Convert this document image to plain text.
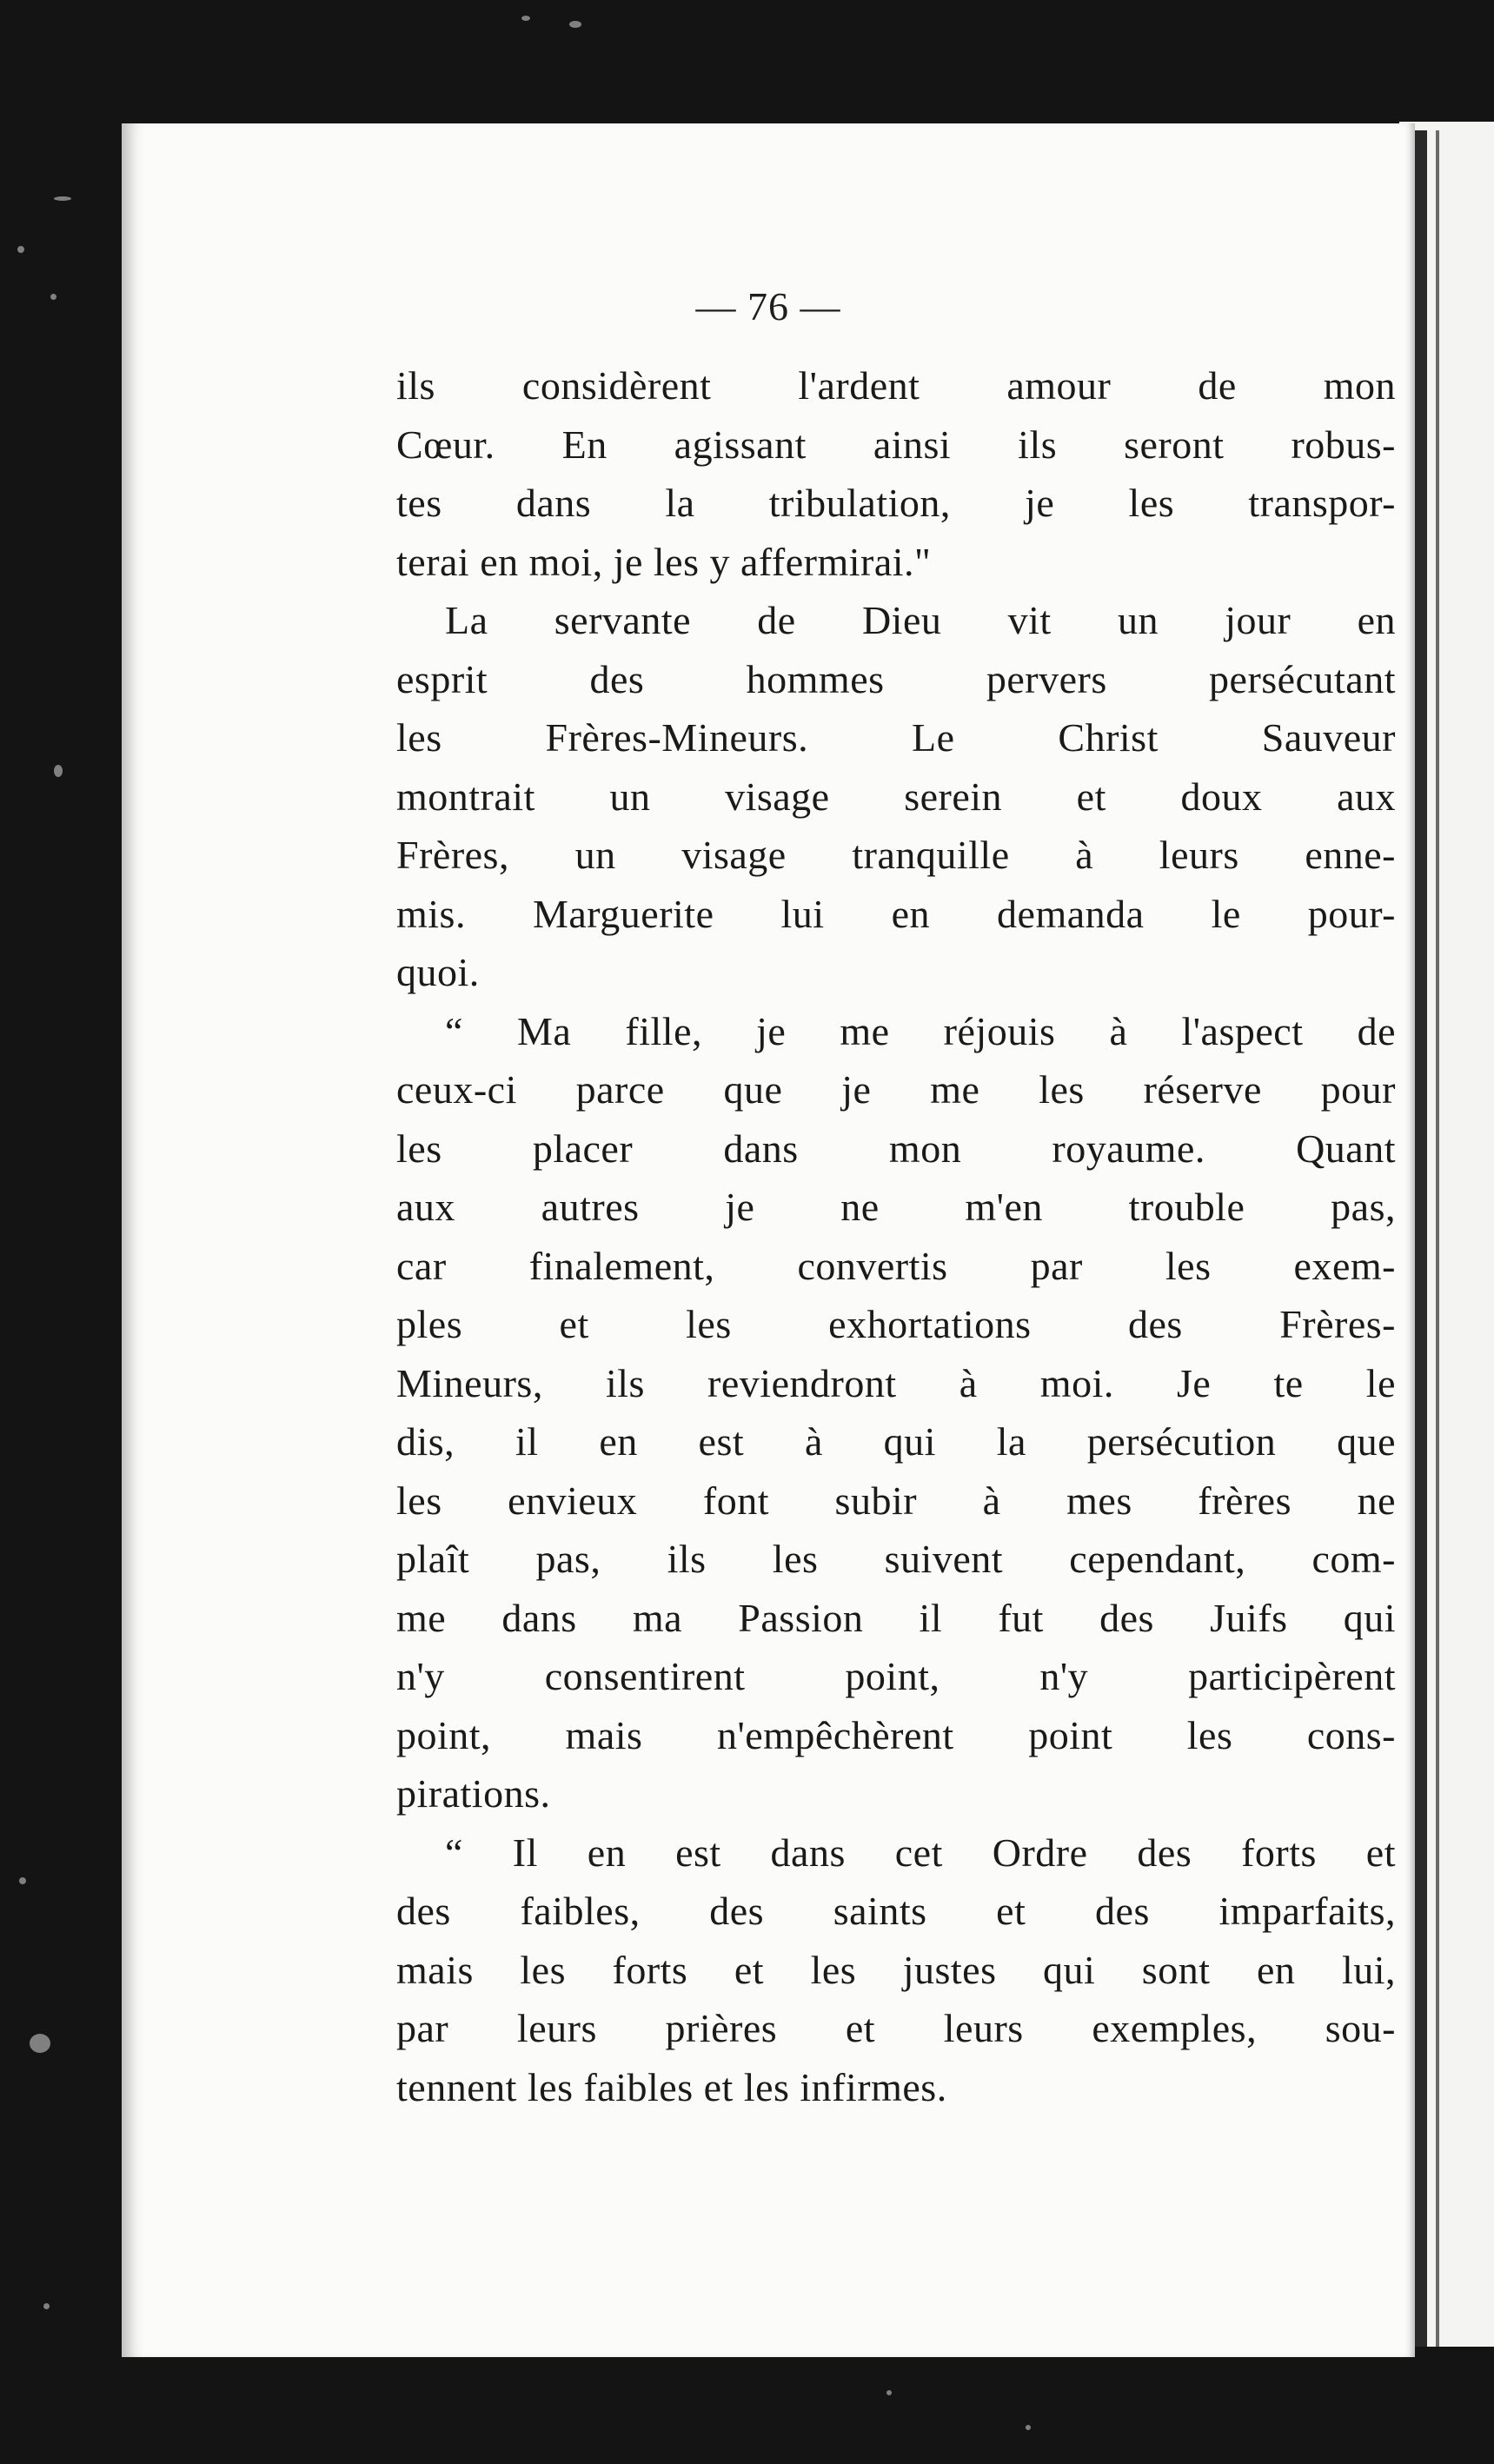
— 76 —
ils considèrent l'ardent amour de mon
Cœur. En agissant ainsi ils seront robus-
tes dans la tribulation, je les transpor-
terai en moi, je les y affermirai."
La servante de Dieu vit un jour en
esprit des hommes pervers persécutant
les Frères-Mineurs. Le Christ Sauveur
montrait un visage serein et doux aux
Frères, un visage tranquille à leurs enne-
mis. Marguerite lui en demanda le pour-
quoi.
“ Ma fille, je me réjouis à l'aspect de
ceux-ci parce que je me les réserve pour
les placer dans mon royaume. Quant
aux autres je ne m'en trouble pas,
car finalement, convertis par les exem-
ples et les exhortations des Frères-
Mineurs, ils reviendront à moi. Je te le
dis, il en est à qui la persécution que
les envieux font subir à mes frères ne
plaît pas, ils les suivent cependant, com-
me dans ma Passion il fut des Juifs qui
n'y consentirent point, n'y participèrent
point, mais n'empêchèrent point les cons-
pirations.
“ Il en est dans cet Ordre des forts et
des faibles, des saints et des imparfaits,
mais les forts et les justes qui sont en lui,
par leurs prières et leurs exemples, sou-
tennent les faibles et les infirmes.
